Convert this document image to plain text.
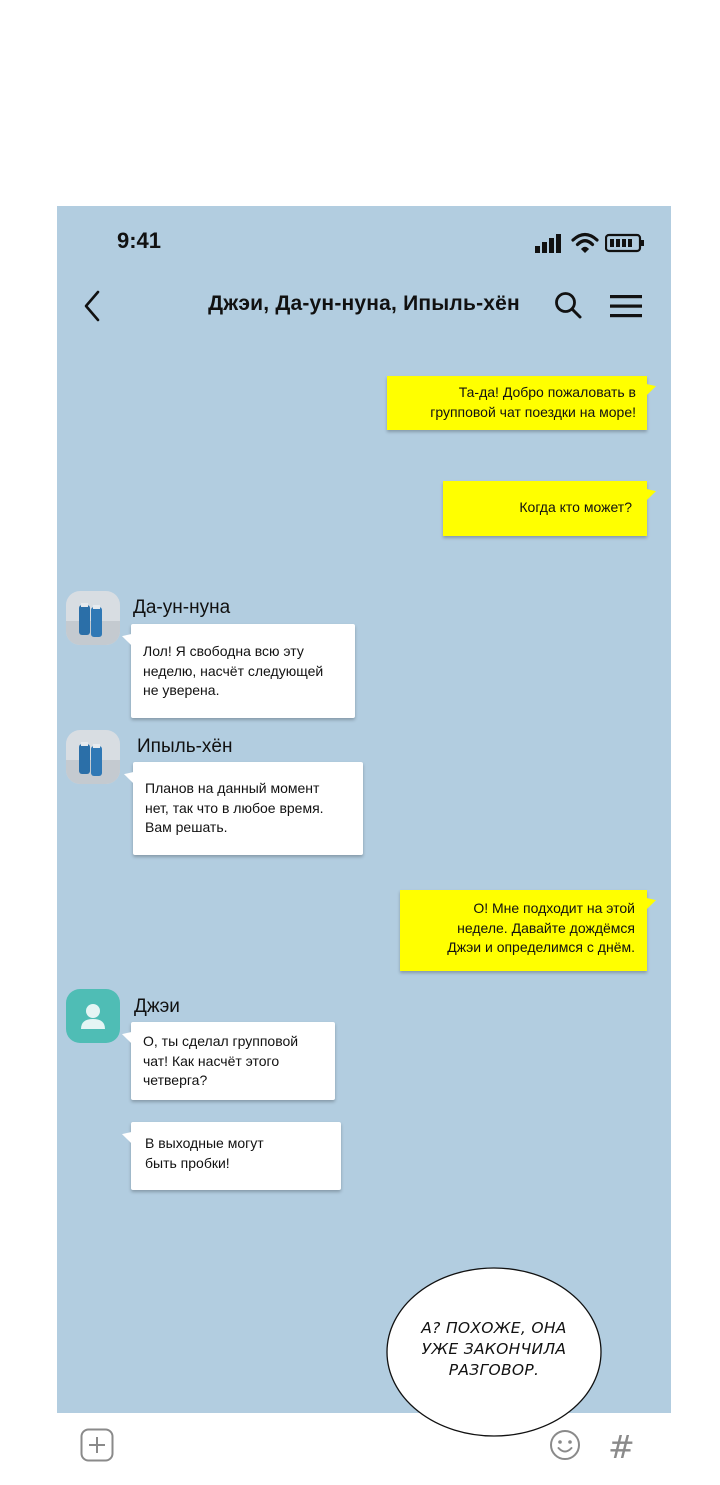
9:41
Джэи, Да-ун-нуна, Ипыль-хён
Та-да! Добро пожаловать в
групповой чат поездки на море!
Когда кто может?
Да-ун-нуна
Лол! Я свободна всю эту
неделю, насчёт следующей
не уверена.
Ипыль-хён
Планов на данный момент
нет, так что в любое время.
Вам решать.
О! Мне подходит на этой
неделе. Давайте дождёмся
Джэи и определимся с днём.
Джэи
О, ты сделал групповой
чат! Как насчёт этого
четверга?
В выходные могут
быть пробки!
А? ПОХОЖЕ, ОНА
УЖЕ ЗАКОНЧИЛА
РАЗГОВОР.
#
